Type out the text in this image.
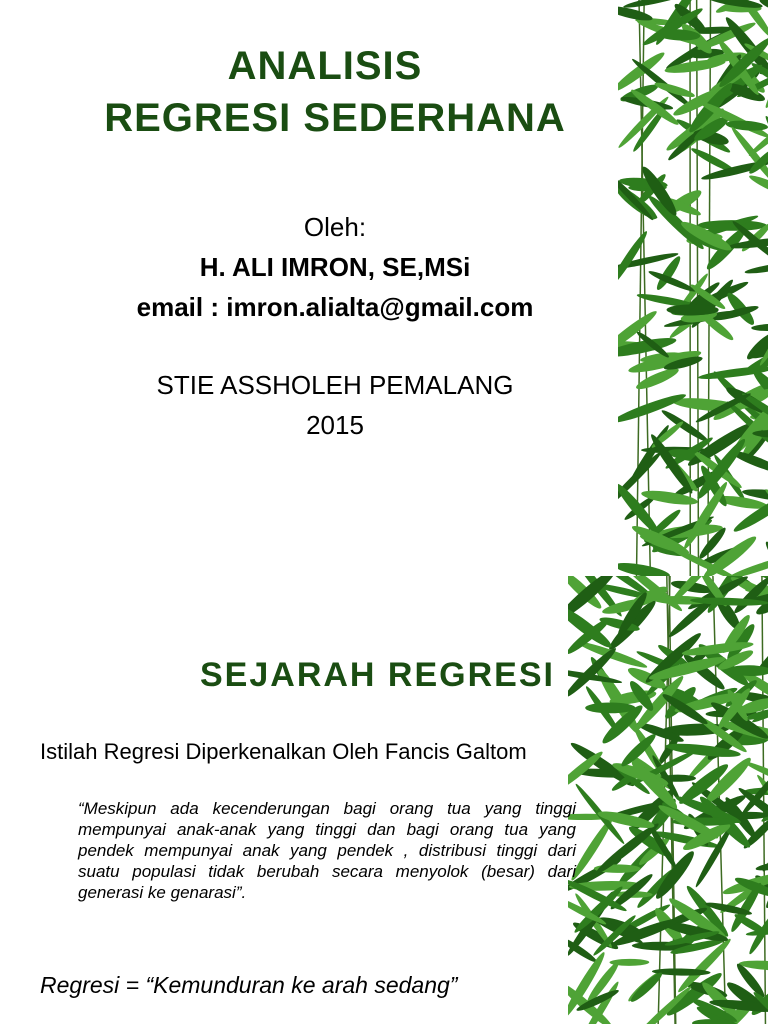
ANALISIS
REGRESI SEDERHANA

Oleh:

H. ALI IMRON, SE,MSi

email : imron.alialta@gmail.com

STIE ASSHOLEH PEMALANG

2015

SEJARAH REGRESI

Istilah Regresi Diperkenalkan Oleh Fancis Galtom

“Meskipun ada kecenderungan bagi orang tua yang tinggi mempunyai anak-anak yang tinggi dan bagi orang tua yang pendek mempunyai anak yang pendek , distribusi tinggi dari suatu populasi tidak berubah secara menyolok (besar) dari generasi ke genarasi”.

Regresi = “Kemunduran ke arah sedang”
